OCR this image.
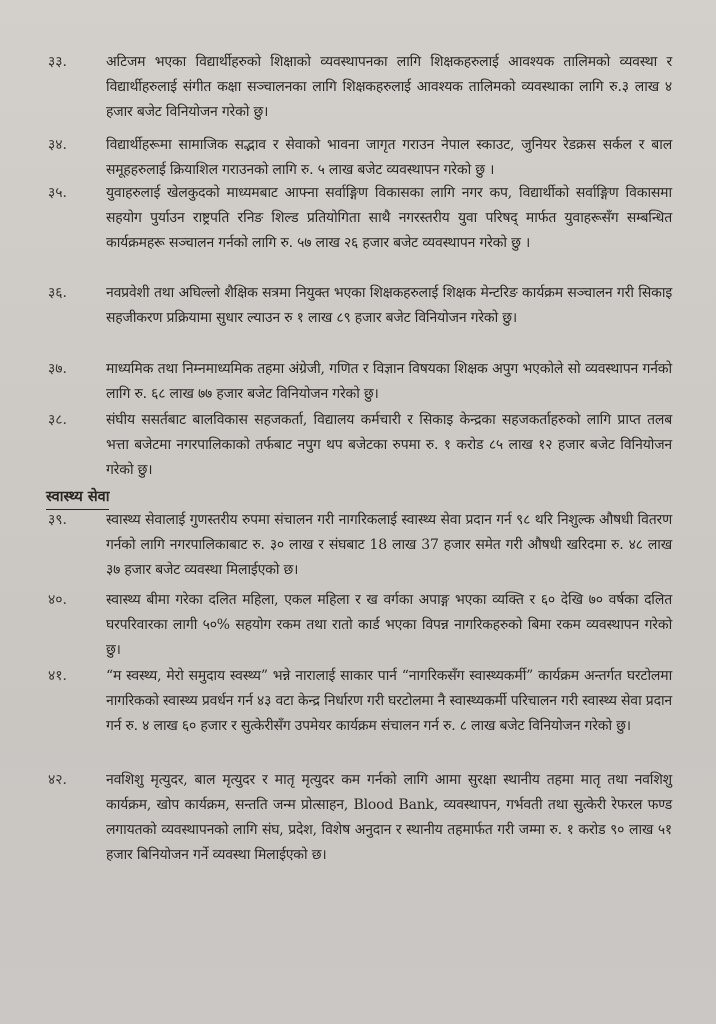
३३.	अटिजम भएका विद्यार्थीहरुको शिक्षाको व्यवस्थापनका लागि शिक्षकहरुलाई आवश्यक तालिमको व्यवस्था र विद्यार्थीहरुलाई संगीत कक्षा सञ्चालनका लागि शिक्षकहरुलाई आवश्यक तालिमको व्यवस्थाका लागि रु.३ लाख ४ हजार बजेट विनियोजन गरेको छु।
३४.	विद्यार्थीहरूमा सामाजिक सद्भाव र सेवाको भावना जागृत गराउन नेपाल स्काउट, जुनियर रेडक्रस सर्कल र बाल समूहहरुलाई क्रियाशिल गराउनको लागि रु. ५ लाख बजेट व्यवस्थापन गरेको छु ।
३५.	युवाहरुलाई खेलकुदको माध्यमबाट आफ्ना सर्वाङ्गिण विकासका लागि नगर कप, विद्यार्थीको सर्वाङ्गिण विकासमा सहयोग पुर्याउन राष्ट्रपति रनिङ शिल्ड प्रतियोगिता साथै नगरस्तरीय युवा परिषद् मार्फत युवाहरूसँग सम्बन्धित कार्यक्रमहरू सञ्चालन गर्नको लागि रु. ५७ लाख २६ हजार बजेट व्यवस्थापन गरेको छु ।
३६.	नवप्रवेशी तथा अघिल्लो शैक्षिक सत्रमा नियुक्त भएका शिक्षकहरुलाई शिक्षक मेन्टरिङ कार्यक्रम सञ्चालन गरी सिकाइ सहजीकरण प्रक्रियामा सुधार ल्याउन रु १ लाख ८९ हजार बजेट विनियोजन गरेको छु।
३७.	माध्यमिक तथा निम्नमाध्यमिक तहमा अंग्रेजी, गणित र विज्ञान विषयका शिक्षक अपुग भएकोले सो व्यवस्थापन गर्नको लागि रु. ६८ लाख ७७ हजार बजेट विनियोजन गरेको छु।
३८.	संघीय ससर्तबाट बालविकास सहजकर्ता, विद्यालय कर्मचारी र सिकाइ केन्द्रका सहजकर्ताहरुको लागि प्राप्त तलब भत्ता बजेटमा नगरपालिकाको तर्फबाट नपुग थप बजेटका रुपमा रु. १ करोड ८५ लाख १२ हजार बजेट विनियोजन गरेको छु।
स्वास्थ्य सेवा
३९.	स्वास्थ्य सेवालाई गुणस्तरीय रुपमा संचालन गरी नागरिकलाई स्वास्थ्य सेवा प्रदान गर्न ९८ थरि निशुल्क औषधी वितरण गर्नको लागि नगरपालिकाबाट रु. ३० लाख र संघबाट 18 लाख 37 हजार समेत गरी औषधी खरिदमा रु. ४८ लाख ३७ हजार बजेट व्यवस्था मिलाईएको छ।
४०.	स्वास्थ्य बीमा गरेका दलित महिला, एकल महिला र ख वर्गका अपाङ्ग भएका व्यक्ति र ६० देखि ७० वर्षका दलित घरपरिवारका लागी ५०% सहयोग रकम तथा रातो कार्ड भएका विपन्न नागरिकहरुको बिमा रकम व्यवस्थापन गरेको छु।
४१.	“म स्वस्थ्य, मेरो समुदाय स्वस्थ्य” भन्ने नारालाई साकार पार्न “नागरिकसँग स्वास्थ्यकर्मी” कार्यक्रम अन्तर्गत घरटोलमा नागरिकको स्वास्थ्य प्रवर्धन गर्न ४३ वटा केन्द्र निर्धारण गरी घरटोलमा नै स्वास्थ्यकर्मी परिचालन गरी स्वास्थ्य सेवा प्रदान गर्न रु. ४ लाख ६० हजार र सुत्केरीसँग उपमेयर कार्यक्रम संचालन गर्न रु. ८ लाख बजेट विनियोजन गरेको छु।
४२.	नवशिशु मृत्युदर, बाल मृत्युदर र मातृ मृत्युदर कम गर्नको लागि आमा सुरक्षा स्थानीय तहमा मातृ तथा नवशिशु कार्यक्रम, खोप कार्यक्रम, सन्तति जन्म प्रोत्साहन, Blood Bank, व्यवस्थापन, गर्भवती तथा सुत्केरी रेफरल फण्ड लगायतको व्यवस्थापनको लागि संघ, प्रदेश, विशेष अनुदान र स्थानीय तहमार्फत गरी जम्मा रु. १ करोड ९० लाख ५१ हजार बिनियोजन गर्ने व्यवस्था मिलाईएको छ।
